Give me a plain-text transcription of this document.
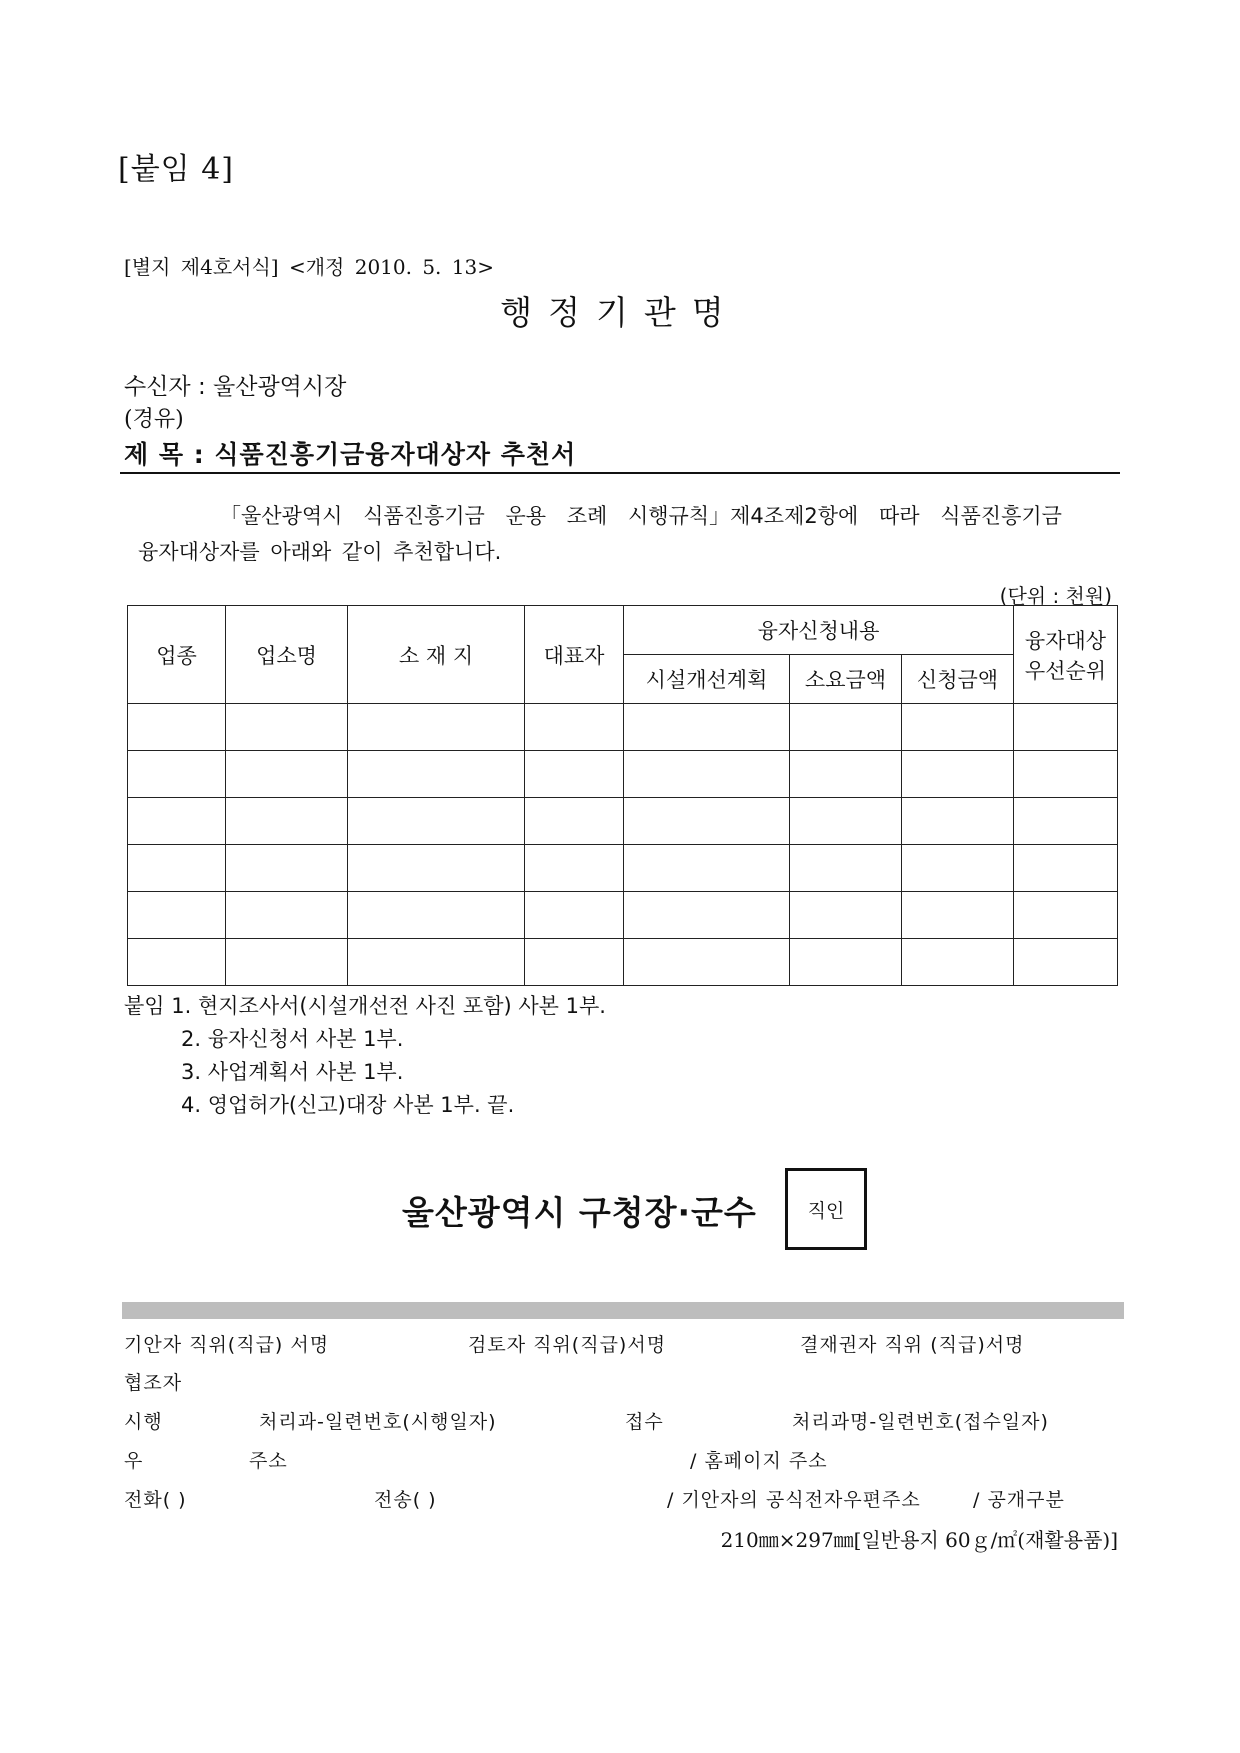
[붙임 4]
[별지 제4호서식] <개정 2010. 5. 13>
행정기관명
수신자 : 울산광역시장
(경유)
제 목 : 식품진흥기금융자대상자 추천서
「울산광역시 식품진흥기금 운용 조례 시행규칙」제4조제2항에 따라 식품진흥기금
융자대상자를 아래와 같이 추천합니다.
(단위 : 천원)
업종	업소명	소 재 지	대표자	융자신청내용			융자대상
우선순위

				시설개선계획	소요금액	신청금액	

붙임 1. 현지조사서(시설개선전 사진 포함) 사본 1부.
2. 융자신청서 사본 1부.
3. 사업계획서 사본 1부.
4. 영업허가(신고)대장 사본 1부. 끝.
울산광역시 구청장·군수	직인
기안자 직위(직급) 서명	검토자 직위(직급)서명	결재권자 직위 (직급)서명
협조자
시행	처리과-일련번호(시행일자)	접수	처리과명-일련번호(접수일자)
우	주소	/ 홈페이지 주소
전화( )	전송( )	/ 기안자의 공식전자우편주소	/ 공개구분
210㎜×297㎜[일반용지 60ｇ/㎡(재활용품)]
